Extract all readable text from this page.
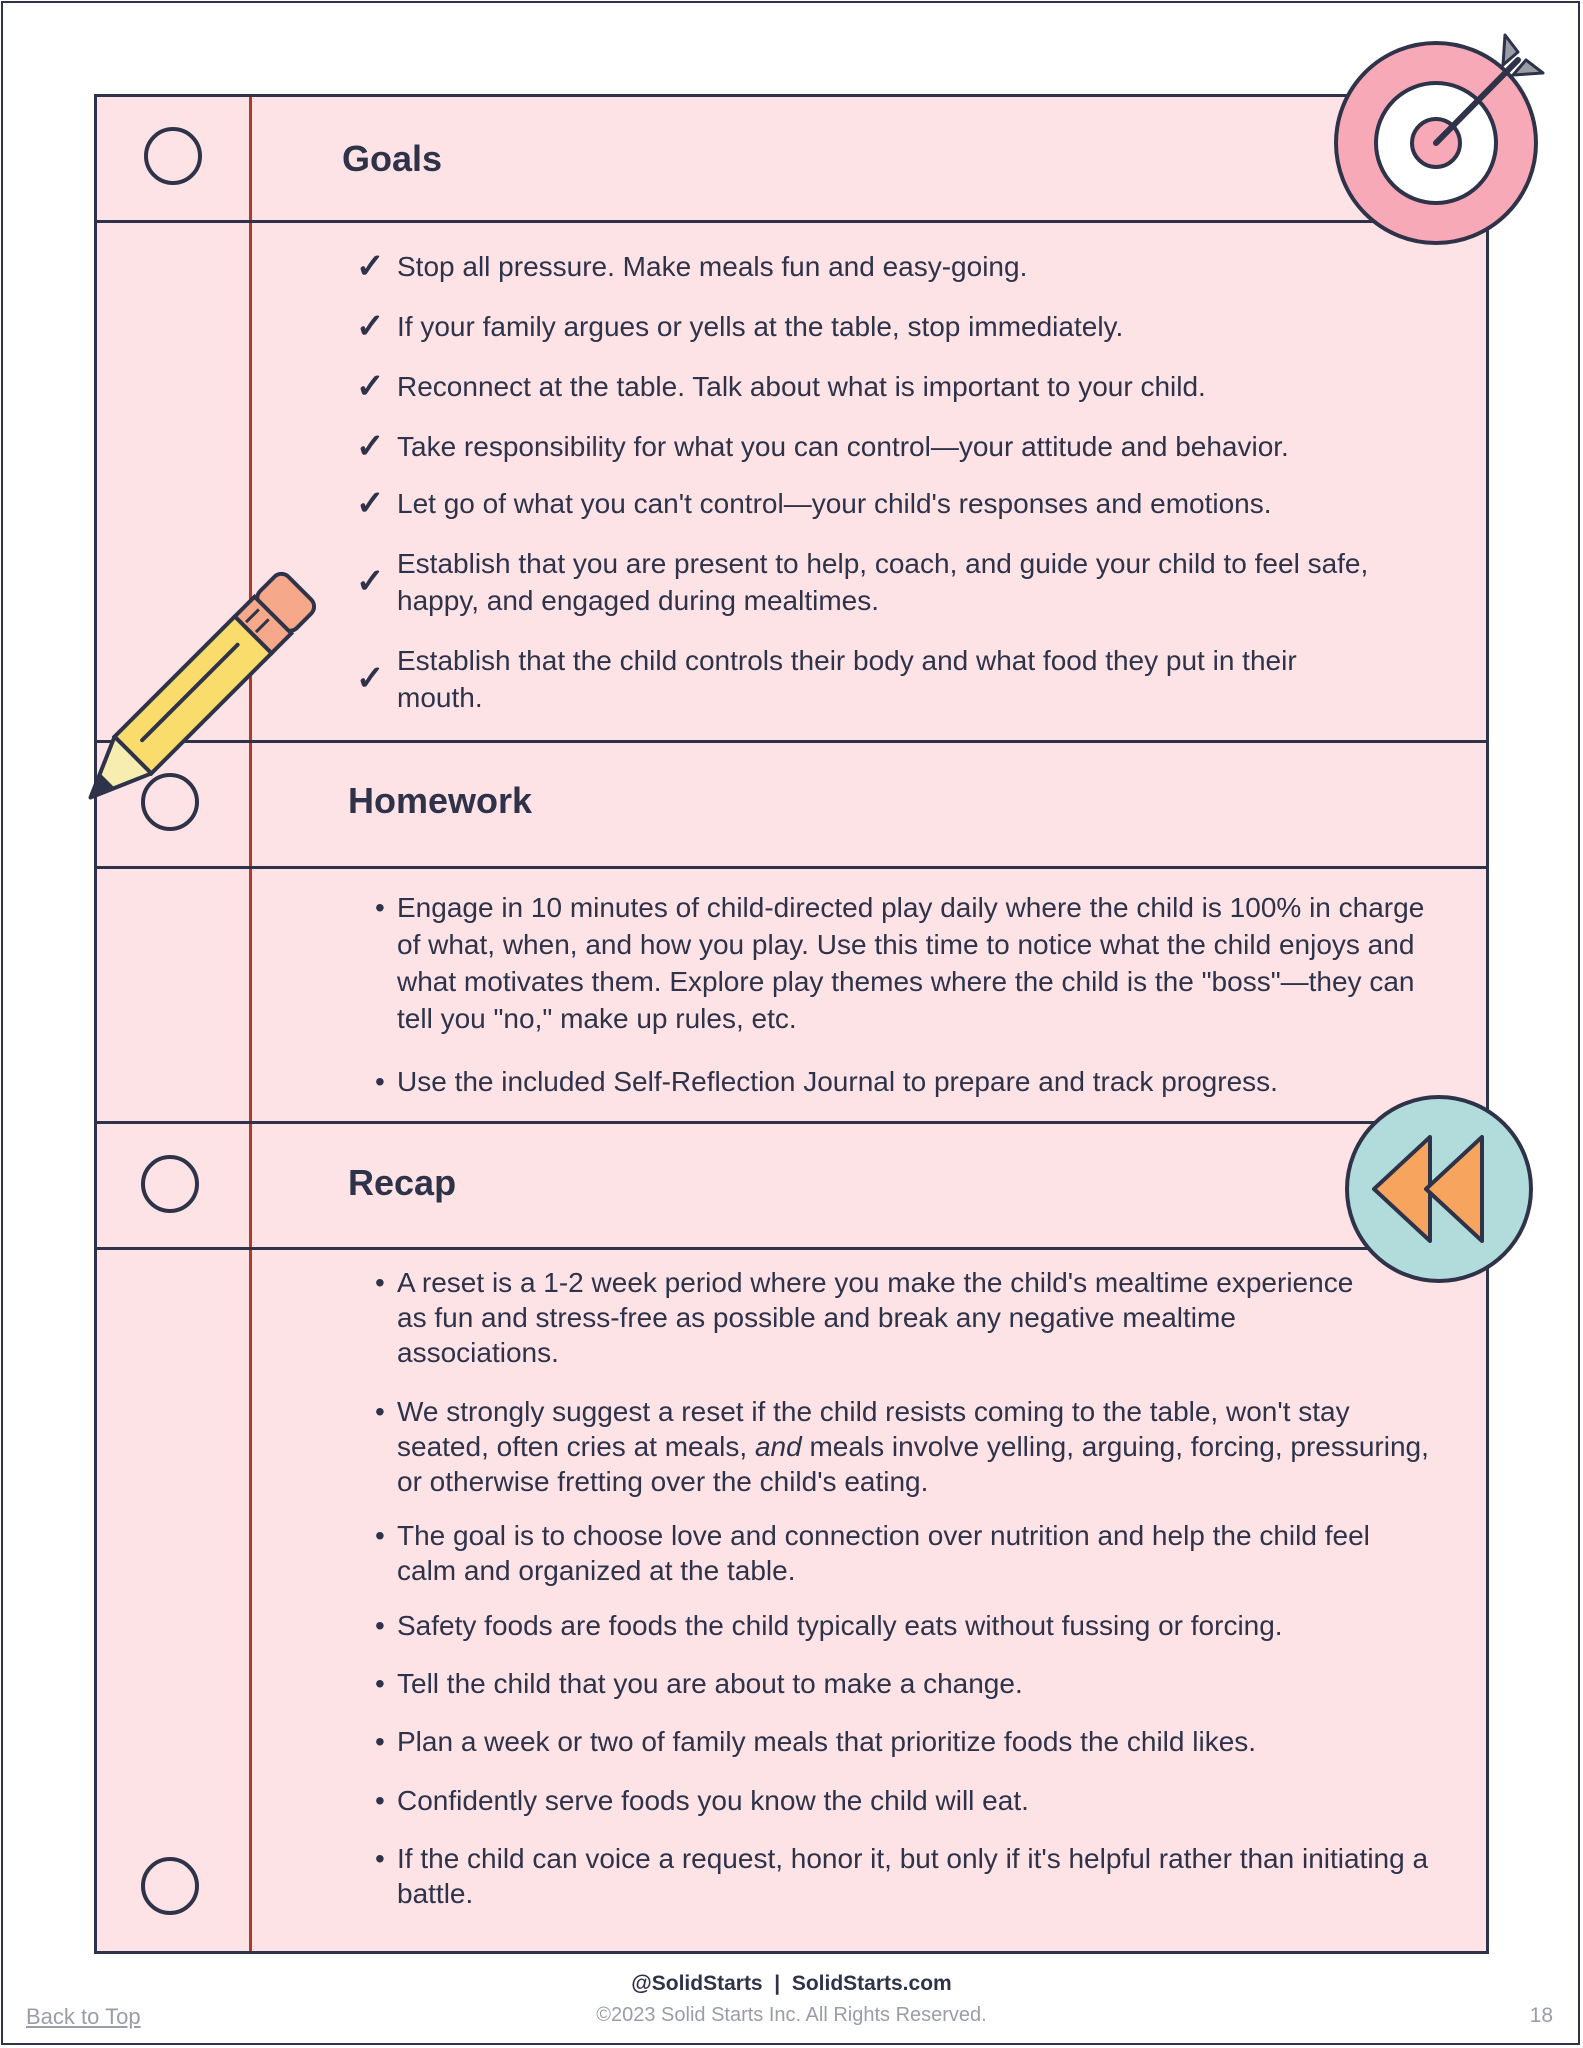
Goals
Homework
Recap
✓ Stop all pressure. Make meals fun and easy-going.
✓ If your family argues or yells at the table, stop immediately.
✓ Reconnect at the table. Talk about what is important to your child.
✓ Take responsibility for what you can control—your attitude and behavior.
✓ Let go of what you can't control—your child's responses and emotions.
✓ Establish that you are present to help, coach, and guide your child to feel safe, happy, and engaged during mealtimes.
✓ Establish that the child controls their body and what food they put in their mouth.
• Engage in 10 minutes of child-directed play daily where the child is 100% in charge of what, when, and how you play. Use this time to notice what the child enjoys and what motivates them. Explore play themes where the child is the "boss"—they can tell you "no," make up rules, etc.
• Use the included Self-Reflection Journal to prepare and track progress.
• A reset is a 1-2 week period where you make the child's mealtime experience as fun and stress-free as possible and break any negative mealtime associations.
• We strongly suggest a reset if the child resists coming to the table, won't stay seated, often cries at meals, and meals involve yelling, arguing, forcing, pressuring, or otherwise fretting over the child's eating.
• The goal is to choose love and connection over nutrition and help the child feel calm and organized at the table.
• Safety foods are foods the child typically eats without fussing or forcing.
• Tell the child that you are about to make a change.
• Plan a week or two of family meals that prioritize foods the child likes.
• Confidently serve foods you know the child will eat.
• If the child can voice a request, honor it, but only if it's helpful rather than initiating a battle.
@SolidStarts  |  SolidStarts.com
©2023 Solid Starts Inc. All Rights Reserved.
Back to Top	18
